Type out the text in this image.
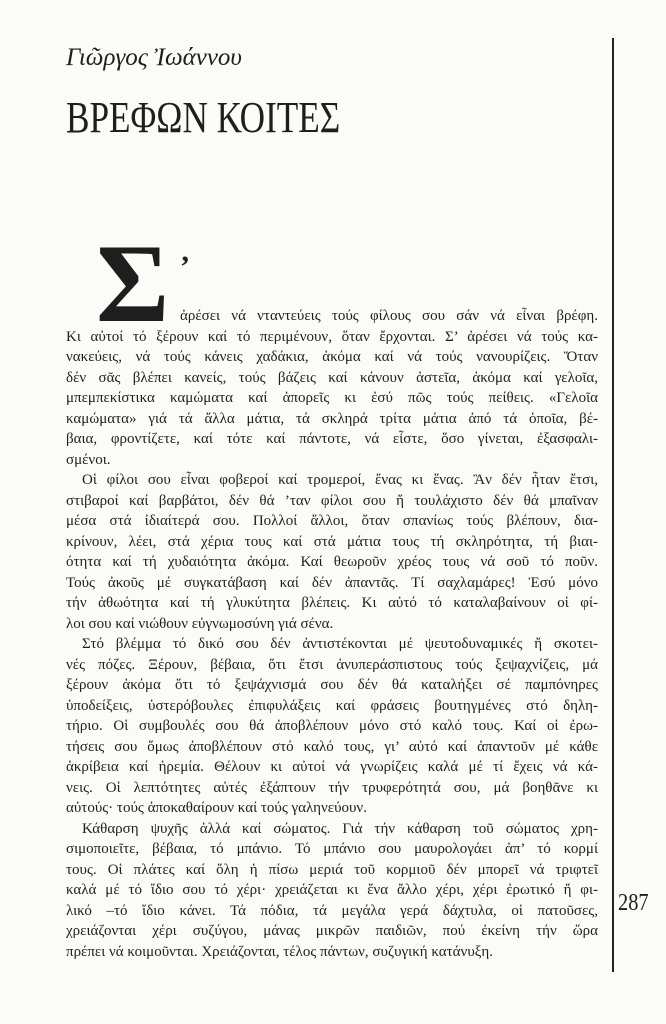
Γιῶργος Ἰωάννου
ΒΡΕΦΩΝ ΚΟΙΤΕΣ
Σ ’
ἀρέσει νά νταντεύεις τούς φίλους σου σάν νά εἶναι βρέφη.
Κι αὐτοί τό ξέρουν καί τό περιμένουν, ὅταν ἔρχονται. Σ’ ἀρέσει νά τούς κα-
νακεύεις, νά τούς κάνεις χαδάκια, ἀκόμα καί νά τούς νανουρίζεις. Ὅταν
δέν σᾶς βλέπει κανείς, τούς βάζεις καί κάνουν ἀστεῖα, ἀκόμα καί γελοῖα,
μπεμπεκίστικα καμώματα καί ἀπορεῖς κι ἐσύ πῶς τούς πείθεις. «Γελοῖα
καμώματα» γιά τά ἄλλα μάτια, τά σκληρά τρίτα μάτια ἀπό τά ὁποῖα, βέ-
βαια, φροντίζετε, καί τότε καί πάντοτε, νά εἶστε, ὅσο γίνεται, ἐξασφαλι-
σμένοι.
Οἱ φίλοι σου εἶναι φοβεροί καί τρομεροί, ἕνας κι ἕνας. Ἂν δέν ἦταν ἔτσι,
στιβαροί καί βαρβάτοι, δέν θά ’ταν φίλοι σου ἤ τουλάχιστο δέν θά μπαῖναν
μέσα στά ἰδιαίτερά σου. Πολλοί ἄλλοι, ὅταν σπανίως τούς βλέπουν, δια-
κρίνουν, λέει, στά χέρια τους καί στά μάτια τους τή σκληρότητα, τή βιαι-
ότητα καί τή χυδαιότητα ἀκόμα. Καί θεωροῦν χρέος τους νά σοῦ τό ποῦν.
Τούς ἀκοῦς μέ συγκατάβαση καί δέν ἀπαντᾶς. Τί σαχλαμάρες! Ἐσύ μόνο
τήν ἀθωότητα καί τή γλυκύτητα βλέπεις. Κι αὐτό τό καταλαβαίνουν οἱ φί-
λοι σου καί νιώθουν εὐγνωμοσύνη γιά σένα.
Στό βλέμμα τό δικό σου δέν ἀντιστέκονται μέ ψευτοδυναμικές ἤ σκοτει-
νές πόζες. Ξέρουν, βέβαια, ὅτι ἔτσι ἀνυπεράσπιστους τούς ξεψαχνίζεις, μά
ξέρουν ἀκόμα ὅτι τό ξεψάχνισμά σου δέν θά καταλήξει σέ παμπόνηρες
ὑποδείξεις, ὑστερόβουλες ἐπιφυλάξεις καί φράσεις βουτηγμένες στό δηλη-
τήριο. Οἱ συμβουλές σου θά ἀποβλέπουν μόνο στό καλό τους. Καί οἱ ἐρω-
τήσεις σου ὅμως ἀποβλέπουν στό καλό τους, γι’ αὐτό καί ἀπαντοῦν μέ κάθε
ἀκρίβεια καί ἠρεμία. Θέλουν κι αὐτοί νά γνωρίζεις καλά μέ τί ἔχεις νά κά-
νεις. Οἱ λεπτότητες αὐτές ἐξάπτουν τήν τρυφερότητά σου, μά βοηθᾶνε κι
αὐτούς· τούς ἀποκαθαίρουν καί τούς γαληνεύουν.
Κάθαρση ψυχῆς ἀλλά καί σώματος. Γιά τήν κάθαρση τοῦ σώματος χρη-
σιμοποιεῖτε, βέβαια, τό μπάνιο. Τό μπάνιο σου μαυρολογάει ἀπ’ τό κορμί
τους. Οἱ πλάτες καί ὅλη ἡ πίσω μεριά τοῦ κορμιοῦ δέν μπορεῖ νά τριφτεῖ
καλά μέ τό ἴδιο σου τό χέρι· χρειάζεται κι ἕνα ἄλλο χέρι, χέρι ἐρωτικό ἤ φι-
λικό –τό ἴδιο κάνει. Τά πόδια, τά μεγάλα γερά δάχτυλα, οἱ πατοῦσες,
χρειάζονται χέρι συζύγου, μάνας μικρῶν παιδιῶν, πού ἐκείνη τήν ὥρα
πρέπει νά κοιμοῦνται. Χρειάζονται, τέλος πάντων, συζυγική κατάνυξη.
287
